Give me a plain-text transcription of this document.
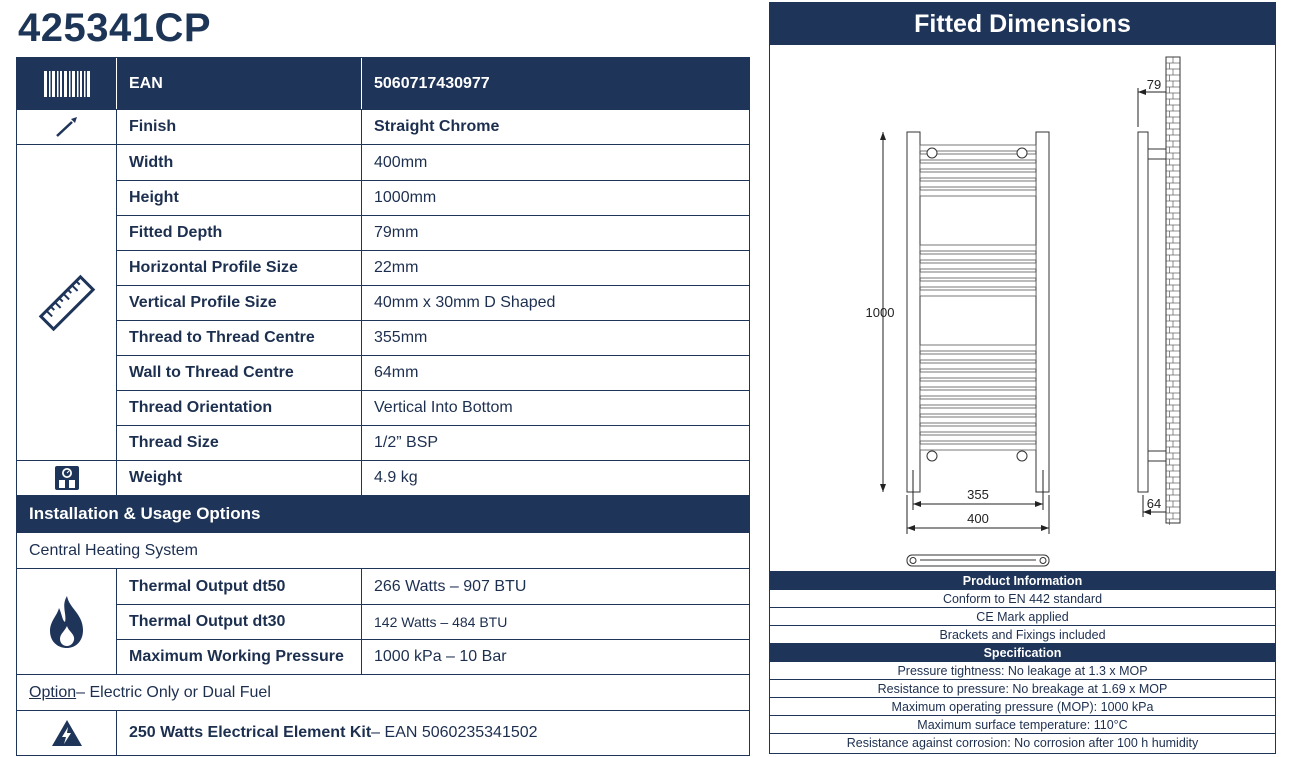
425341CP
EAN	5060717430977
Finish	Straight Chrome
Width	400mm
Height	1000mm
Fitted Depth	79mm
Horizontal Profile Size	22mm
Vertical Profile Size	40mm x 30mm D Shaped
Thread to Thread Centre	355mm
Wall to Thread Centre	64mm
Thread Orientation	Vertical Into Bottom
Thread Size	1/2” BSP
Weight	4.9 kg
Installation & Usage Options
Central Heating System
Thermal Output dt50	266 Watts – 907 BTU
Thermal Output dt30	142 Watts – 484 BTU
Maximum Working Pressure	1000 kPa – 10 Bar
Option – Electric Only or Dual Fuel
250 Watts Electrical Element Kit – EAN 5060235341502
Fitted Dimensions
1000
355
400
79
64
Product Information
Conform to EN 442 standard
CE Mark applied
Brackets and Fixings included
Specification
Pressure tightness: No leakage at 1.3 x MOP
Resistance to pressure: No breakage at 1.69 x MOP
Maximum operating pressure (MOP): 1000 kPa
Maximum surface temperature: 110°C
Resistance against corrosion: No corrosion after 100 h humidity
